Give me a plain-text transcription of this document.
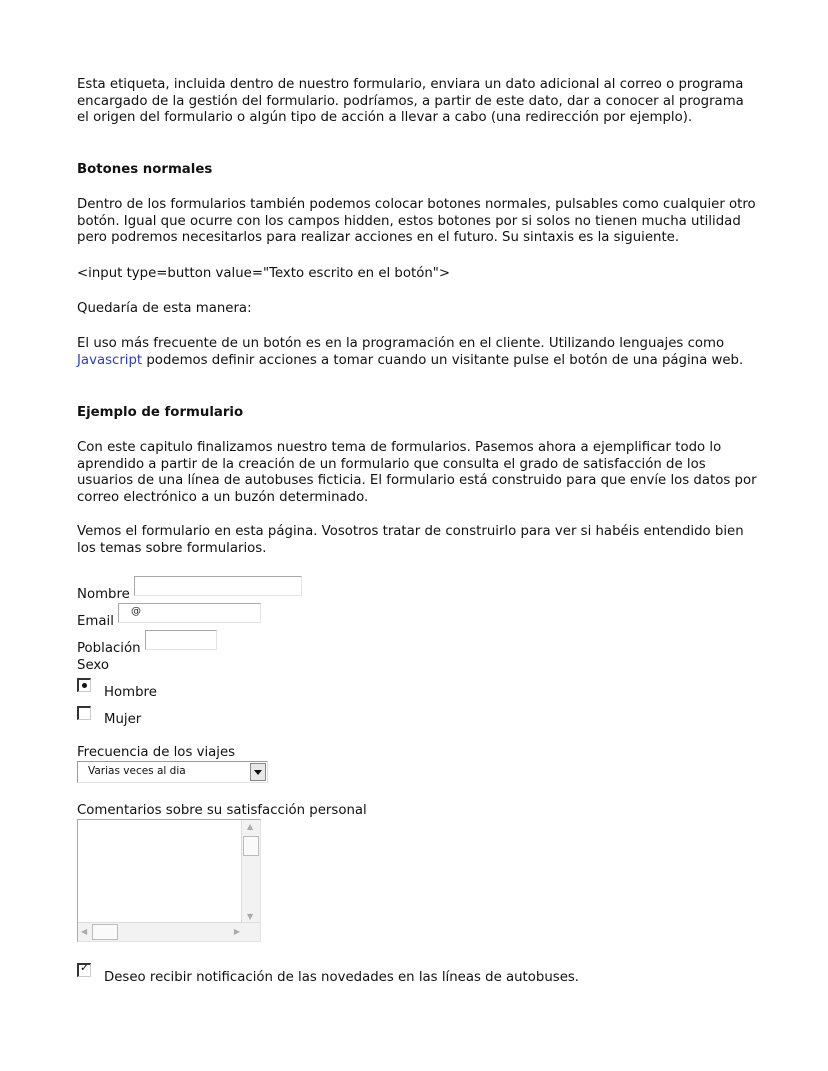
Esta etiqueta, incluida dentro de nuestro formulario, enviara un dato adicional al correo o programa encargado de la gestión del formulario. podríamos, a partir de este dato, dar a conocer al programa el origen del formulario o algún tipo de acción a llevar a cabo (una redirección por ejemplo).
Botones normales
Dentro de los formularios también podemos colocar botones normales, pulsables como cualquier otro botón. Igual que ocurre con los campos hidden, estos botones por si solos no tienen mucha utilidad pero podremos necesitarlos para realizar acciones en el futuro. Su sintaxis es la siguiente.
<input type=button value="Texto escrito en el botón">
Quedaría de esta manera:
El uso más frecuente de un botón es en la programación en el cliente. Utilizando lenguajes como Javascript podemos definir acciones a tomar cuando un visitante pulse el botón de una página web.
Ejemplo de formulario
Con este capitulo finalizamos nuestro tema de formularios. Pasemos ahora a ejemplificar todo lo aprendido a partir de la creación de un formulario que consulta el grado de satisfacción de los usuarios de una línea de autobuses ficticia. El formulario está construido para que envíe los datos por correo electrónico a un buzón determinado.
Vemos el formulario en esta página. Vosotros tratar de construirlo para ver si habéis entendido bien los temas sobre formularios.
Nombre
Email
@
Población
Sexo
Hombre
Mujer
Frecuencia de los viajes
Varias veces al dia
Comentarios sobre su satisfacción personal
▲
▼
◀	▶
✓
Deseo recibir notificación de las novedades en las líneas de autobuses.
